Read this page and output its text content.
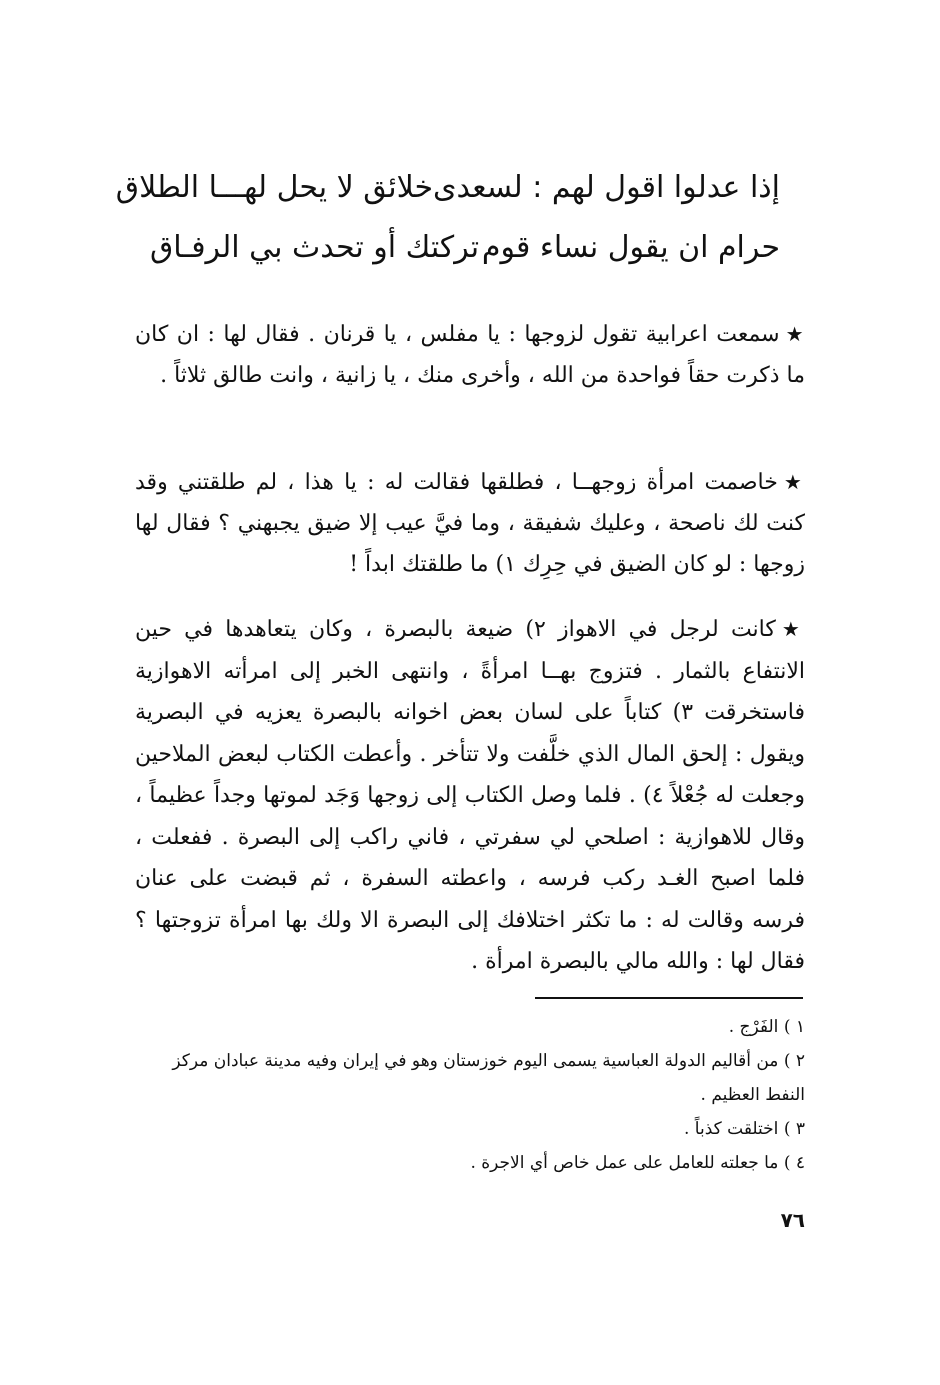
إذا عدلوا اقول لهم : لسعدى
خلائق لا يحل لهـــا الطلاق
حرام ان يقول نساء قوم
تركتك أو تحدث بي الرفـاق

★سمعت اعرابية تقول لزوجها : يا مفلس ، يا قرنان . فقال لها : ان كان ما ذكرت حقاً فواحدة من الله ، وأخرى منك ، يا زانية ، وانت طالق ثلاثاً .

★خاصمت امرأة زوجهــا ، فطلقها فقالت له : يا هذا ، لم طلقتني وقد كنت لك ناصحة ، وعليك شفيقة ، وما فيَّ عيب إلا ضيق يجبهني ؟ فقال لها زوجها : لو كان الضيق في حِرِك ١) ما طلقتك ابداً !

★كانت لرجل في الاهواز ٢) ضيعة بالبصرة ، وكان يتعاهدها في حين الانتفاع بالثمار . فتزوج بهــا امرأةً ، وانتهى الخبر إلى امرأته الاهوازية فاستخرقت ٣) كتاباً على لسان بعض اخوانه بالبصرة يعزيه في البصرية ويقول : إلحق المال الذي خلَّفت ولا تتأخر . وأعطت الكتاب لبعض الملاحين وجعلت له جُعْلاً ٤) . فلما وصل الكتاب إلى زوجها وَجَد لموتها وجداً عظيماً ، وقال للاهوازية : اصلحي لي سفرتي ، فاني راكب إلى البصرة . ففعلت ، فلما اصبح الغـد ركب فرسه ، واعطته السفرة ، ثم قبضت على عنان فرسه وقالت له : ما تكثر اختلافك إلى البصرة الا ولك بها امرأة تزوجتها ؟ فقال لها : والله مالي بالبصرة امرأة .

١ ) الفَرْج .
٢ ) من أقاليم الدولة العباسية يسمى اليوم خوزستان وهو في إيران وفيه مدينة عبادان مركز النفط العظيم .
٣ ) اختلقت كذباً .
٤ ) ما جعلته للعامل على عمل خاص أي الاجرة .
٧٦
